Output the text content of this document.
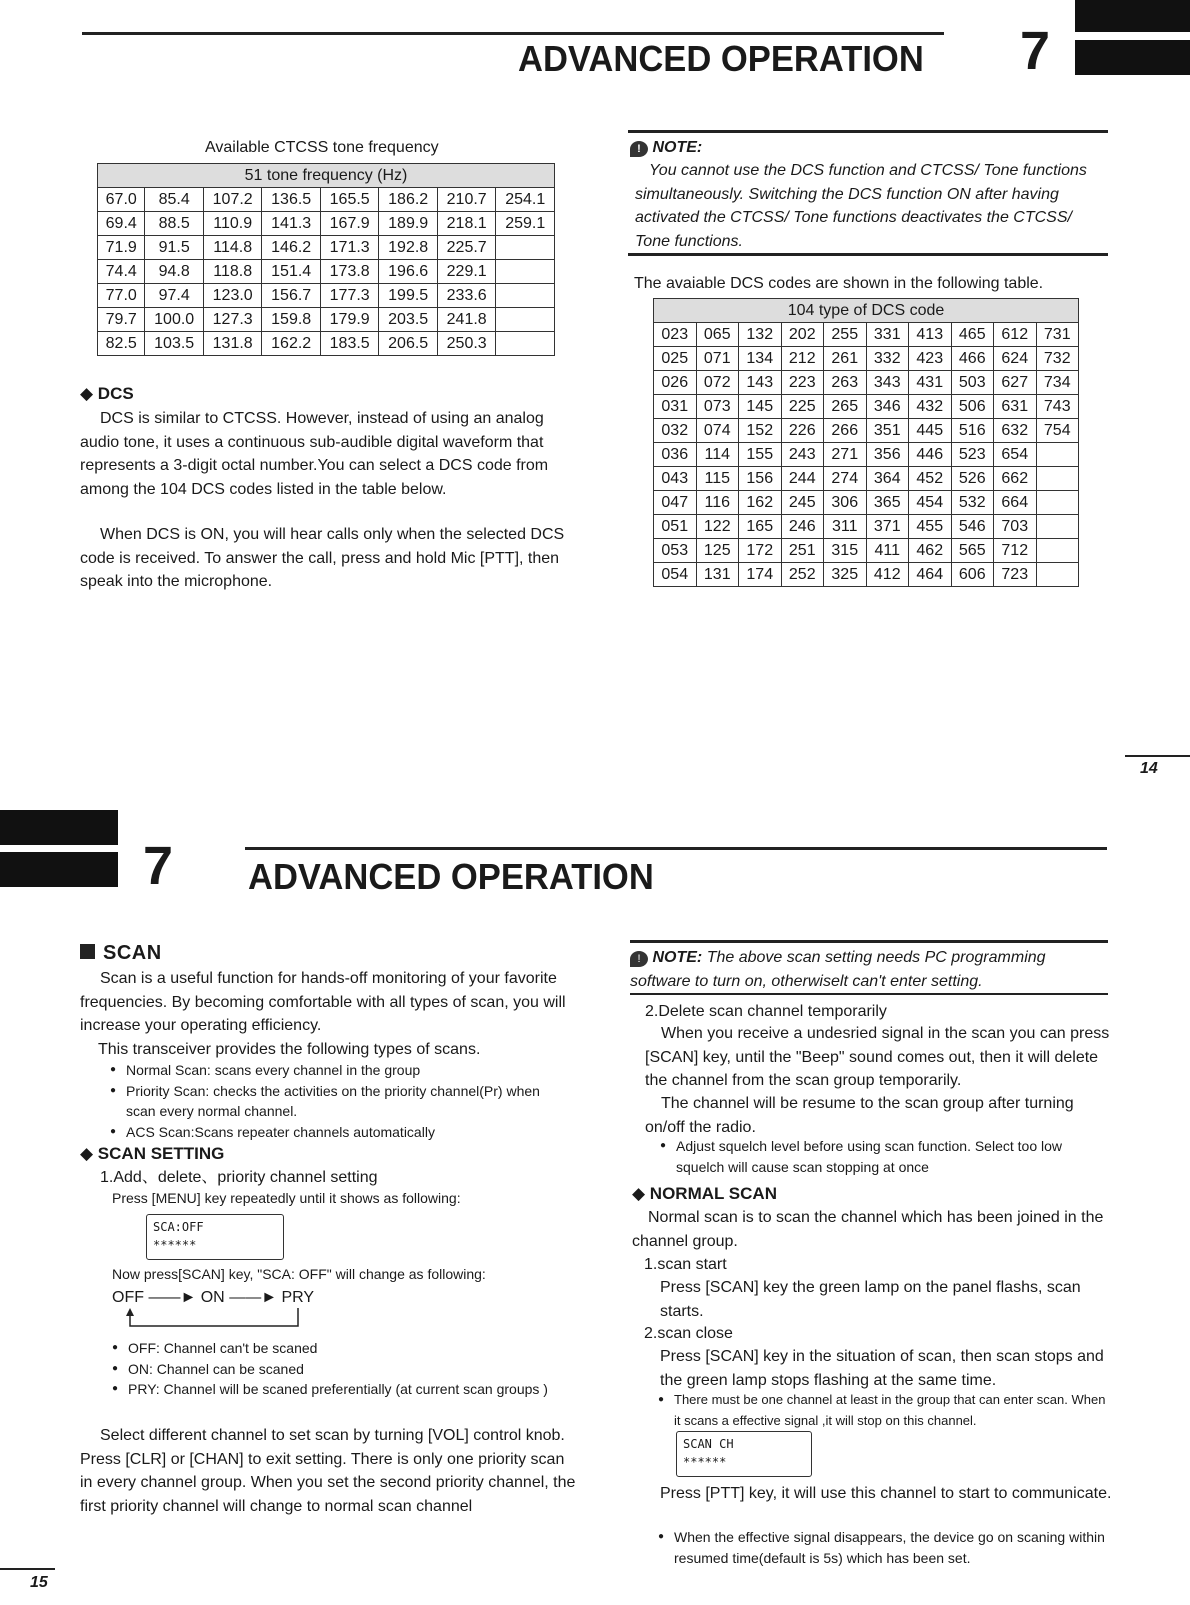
ADVANCED OPERATION 7
Available CTCSS tone frequency
51 tone frequency (Hz)							
67.0	85.4	107.2	136.5	165.5	186.2	210.7	254.1
69.4	88.5	110.9	141.3	167.9	189.9	218.1	259.1
71.9	91.5	114.8	146.2	171.3	192.8	225.7	
74.4	94.8	118.8	151.4	173.8	196.6	229.1	
77.0	97.4	123.0	156.7	177.3	199.5	233.6	
79.7	100.0	127.3	159.8	179.9	203.5	241.8	
82.5	103.5	131.8	162.2	183.5	206.5	250.3	
◆ DCS
DCS is similar to CTCSS. However, instead of using an analog audio tone, it uses a continuous sub-audible digital waveform that represents a 3-digit octal number.You can select a DCS code from among the 104 DCS codes listed in the table below.
When DCS is ON, you will hear calls only when the selected DCS code is received. To answer the call, press and hold Mic [PTT], then speak into the microphone.
! NOTE:
You cannot use the DCS function and CTCSS/ Tone functions simultaneously. Switching the DCS function ON after having activated the CTCSS/ Tone functions deactivates the CTCSS/ Tone functions.
The avaiable DCS codes are shown in the following table.
104 type of DCS code									
023	065	132	202	255	331	413	465	612	731
025	071	134	212	261	332	423	466	624	732
026	072	143	223	263	343	431	503	627	734
031	073	145	225	265	346	432	506	631	743
032	074	152	226	266	351	445	516	632	754
036	114	155	243	271	356	446	523	654	
043	115	156	244	274	364	452	526	662	
047	116	162	245	306	365	454	532	664	
051	122	165	246	311	371	455	546	703	
053	125	172	251	315	411	462	565	712	
054	131	174	252	325	412	464	606	723	
14
7 ADVANCED OPERATION
SCAN
Scan is a useful function for hands-off monitoring of your favorite frequencies. By becoming comfortable with all types of scan, you will increase your operating efficiency.
This transceiver provides the following types of scans.
● Normal Scan: scans every channel in the group
● Priority Scan: checks the activities on the priority channel(Pr) when scan every normal channel.
● ACS Scan:Scans repeater channels automatically
◆ SCAN SETTING
1.Add、delete、priority channel setting
Press [MENU] key repeatedly until it shows as following:
SCA:OFF
******
Now press[SCAN] key, "SCA: OFF" will change as following:
OFF ——► ON ——► PRY
● OFF: Channel can't be scaned
● ON: Channel can be scaned
● PRY: Channel will be scaned preferentially (at current scan groups )
Select different channel to set scan by turning [VOL] control knob. Press [CLR] or [CHAN] to exit setting. There is only one priority scan in every channel group. When you set the second priority channel, the first priority channel will change to normal scan channel
! NOTE: The above scan setting needs PC programming software to turn on, otherwiselt can't enter setting.
2.Delete scan channel temporarily
When you receive a undesried signal in the scan you can press [SCAN] key, until the "Beep" sound comes out, then it will delete the channel from the scan group temporarily.
The channel will be resume to the scan group after turning on/off the radio.
● Adjust squelch level before using scan function. Select too low squelch will cause scan stopping at once
◆ NORMAL SCAN
Normal scan is to scan the channel which has been joined in the channel group.
1.scan start
Press [SCAN] key the green lamp on the panel flashs, scan starts.
2.scan close
Press [SCAN] key in the situation of scan, then scan stops and the green lamp stops flashing at the same time.
● There must be one channel at least in the group that can enter scan. When it scans a effective signal ,it will stop on this channel.
SCAN CH
******
Press [PTT] key, it will use this channel to start to communicate.
● When the effective signal disappears, the device go on scaning within resumed time(default is 5s) which has been set.
15
